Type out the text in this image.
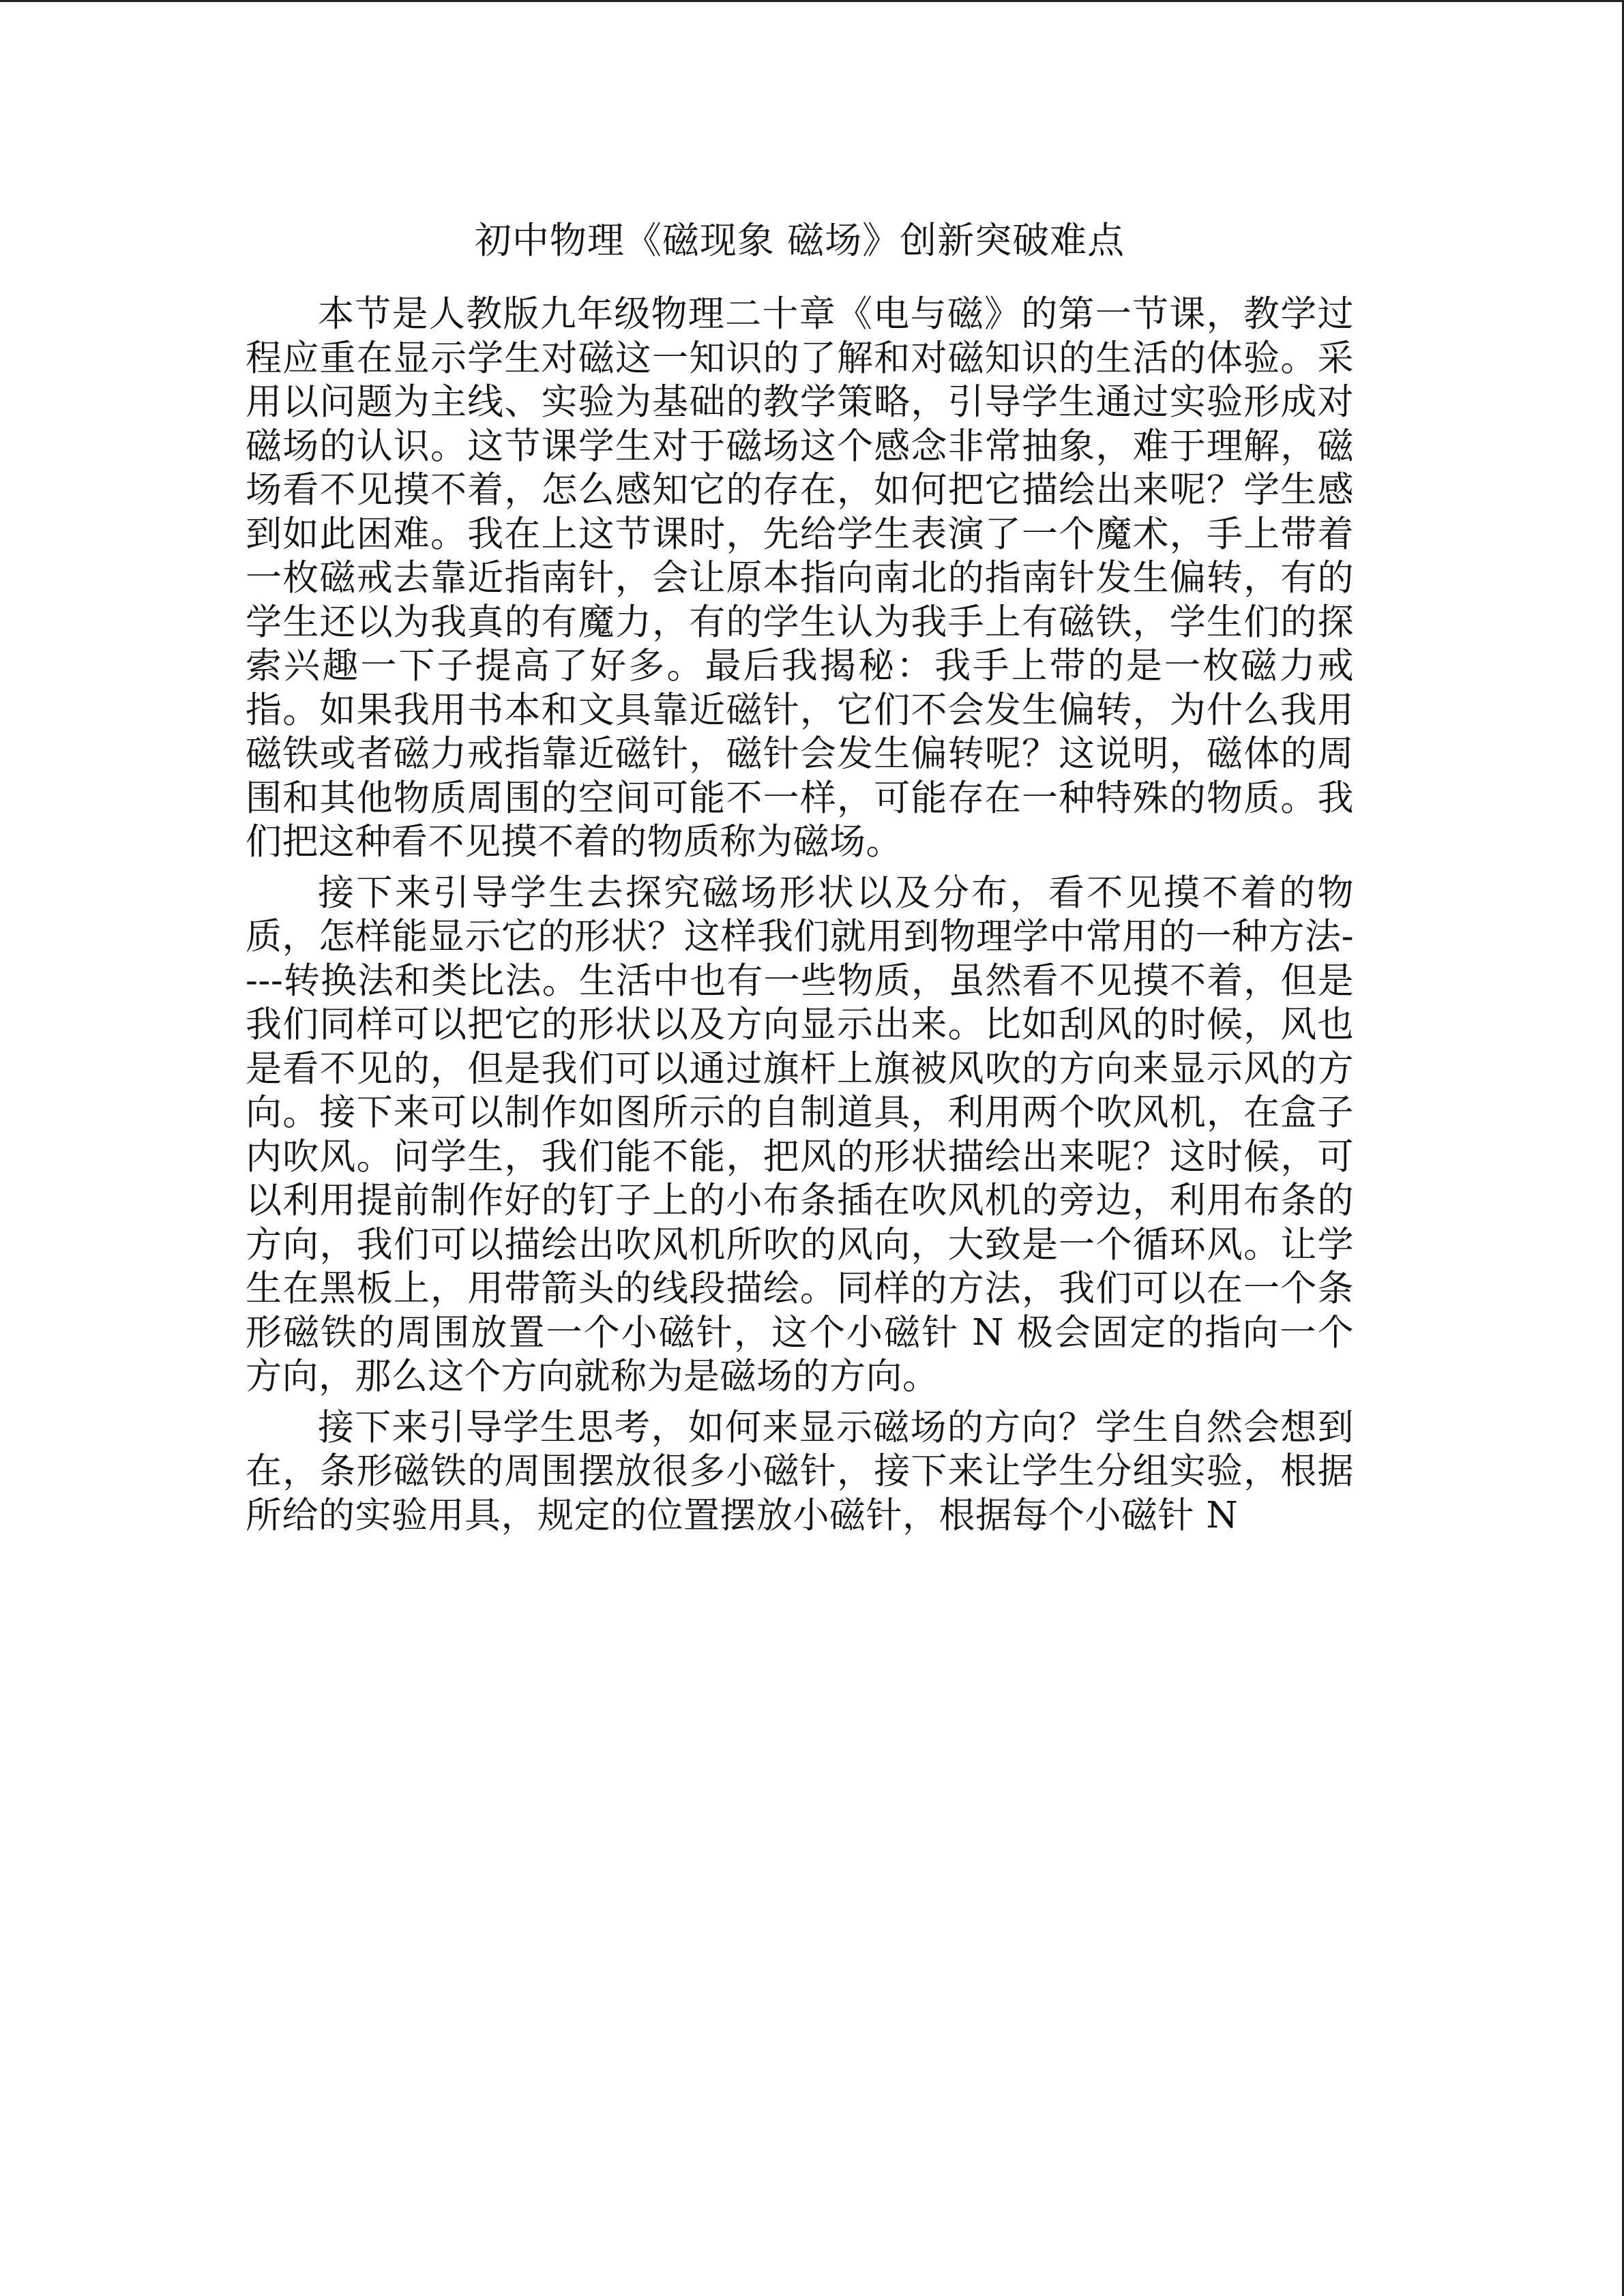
初中物理《磁现象 磁场》创新突破难点

本节是人教版九年级物理二十章《电与磁》的第一节课，教学过程应重在显示学生对磁这一知识的了解和对磁知识的生活的体验。采用以问题为主线、实验为基础的教学策略，引导学生通过实验形成对磁场的认识。这节课学生对于磁场这个感念非常抽象，难于理解，磁场看不见摸不着，怎么感知它的存在，如何把它描绘出来呢？学生感到如此困难。我在上这节课时，先给学生表演了一个魔术，手上带着一枚磁戒去靠近指南针，会让原本指向南北的指南针发生偏转，有的学生还以为我真的有魔力，有的学生认为我手上有磁铁，学生们的探索兴趣一下子提高了好多。最后我揭秘：我手上带的是一枚磁力戒指。如果我用书本和文具靠近磁针，它们不会发生偏转，为什么我用磁铁或者磁力戒指靠近磁针，磁针会发生偏转呢？这说明，磁体的周围和其他物质周围的空间可能不一样，可能存在一种特殊的物质。我们把这种看不见摸不着的物质称为磁场。

接下来引导学生去探究磁场形状以及分布，看不见摸不着的物质，怎样能显示它的形状？这样我们就用到物理学中常用的一种方法----转换法和类比法。生活中也有一些物质，虽然看不见摸不着，但是我们同样可以把它的形状以及方向显示出来。比如刮风的时候，风也是看不见的，但是我们可以通过旗杆上旗被风吹的方向来显示风的方向。接下来可以制作如图所示的自制道具，利用两个吹风机，在盒子内吹风。问学生，我们能不能，把风的形状描绘出来呢？这时候，可以利用提前制作好的钉子上的小布条插在吹风机的旁边，利用布条的方向，我们可以描绘出吹风机所吹的风向，大致是一个循环风。让学生在黑板上，用带箭头的线段描绘。同样的方法，我们可以在一个条形磁铁的周围放置一个小磁针，这个小磁针 N 极会固定的指向一个方向，那么这个方向就称为是磁场的方向。

接下来引导学生思考，如何来显示磁场的方向？学生自然会想到在，条形磁铁的周围摆放很多小磁针，接下来让学生分组实验，根据所给的实验用具，规定的位置摆放小磁针，根据每个小磁针 N
